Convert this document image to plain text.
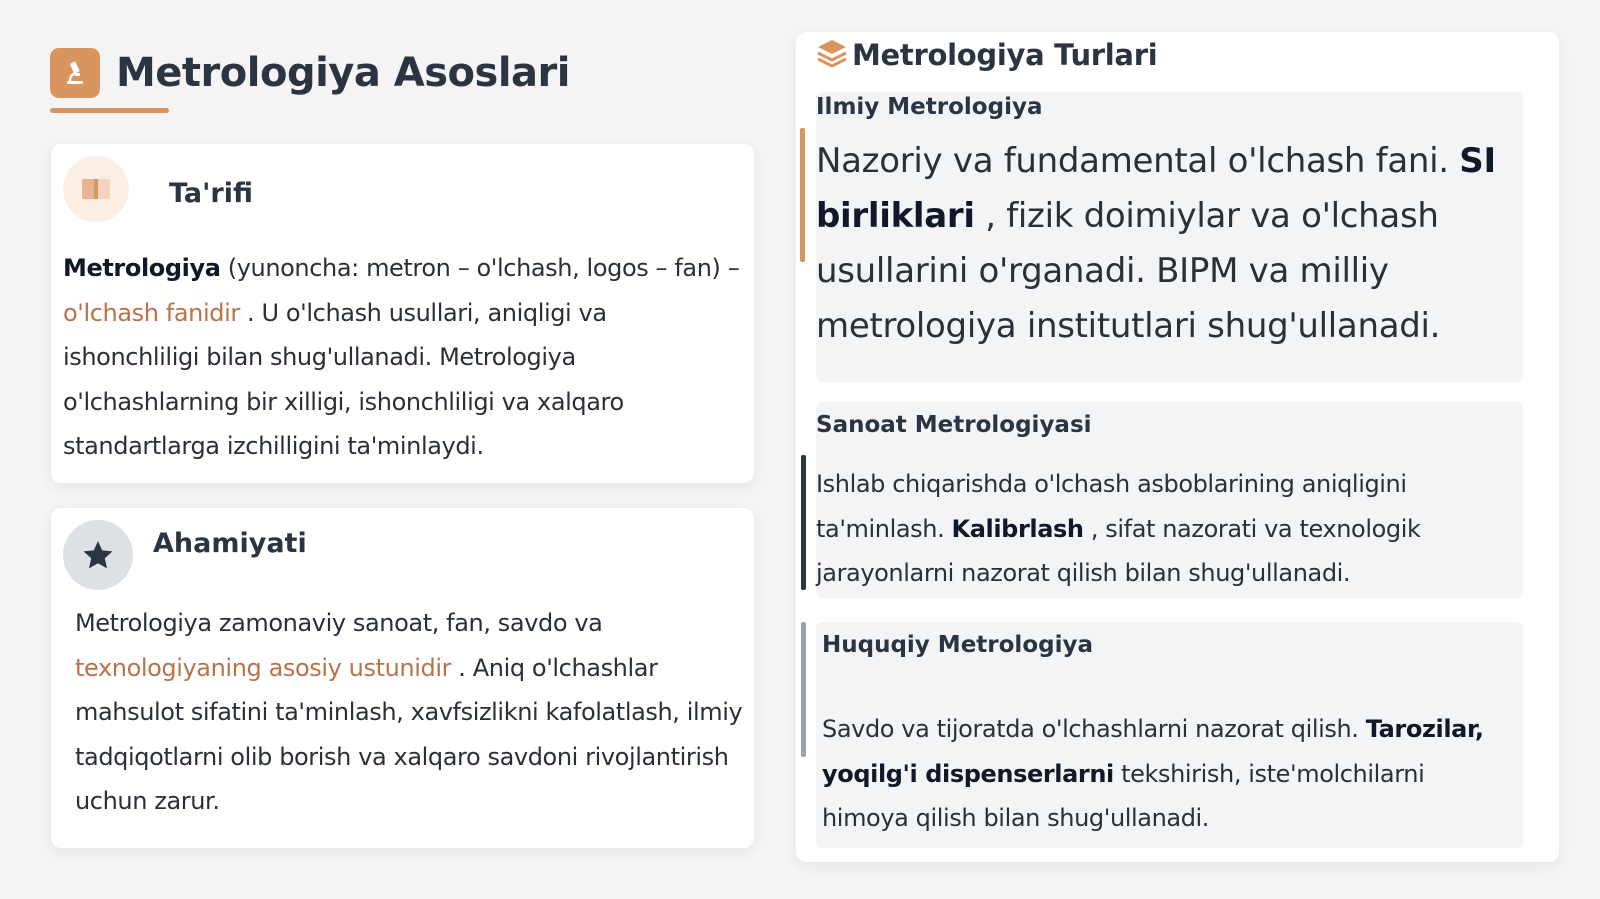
Metrologiya Asoslari
Ta'rifi
Metrologiya (yunoncha: metron – o'lchash, logos – fan) – o'lchash fanidir . U o'lchash usullari, aniqligi va ishonchliligi bilan shug'ullanadi. Metrologiya o'lchashlarning bir xilligi, ishonchliligi va xalqaro standartlarga izchilligini ta'minlaydi.
Ahamiyati
Metrologiya zamonaviy sanoat, fan, savdo va texnologiyaning asosiy ustunidir . Aniq o'lchashlar mahsulot sifatini ta'minlash, xavfsizlikni kafolatlash, ilmiy tadqiqotlarni olib borish va xalqaro savdoni rivojlantirish uchun zarur.
Metrologiya Turlari
Ilmiy Metrologiya
Nazoriy va fundamental o'lchash fani. SI birliklari , fizik doimiylar va o'lchash usullarini o'rganadi. BIPM va milliy metrologiya institutlari shug'ullanadi.
Sanoat Metrologiyasi
Ishlab chiqarishda o'lchash asboblarining aniqligini ta'minlash. Kalibrlash , sifat nazorati va texnologik jarayonlarni nazorat qilish bilan shug'ullanadi.
Huquqiy Metrologiya
Savdo va tijoratda o'lchashlarni nazorat qilish. Tarozilar, yoqilg'i dispenserlarni tekshirish, iste'molchilarni himoya qilish bilan shug'ullanadi.
